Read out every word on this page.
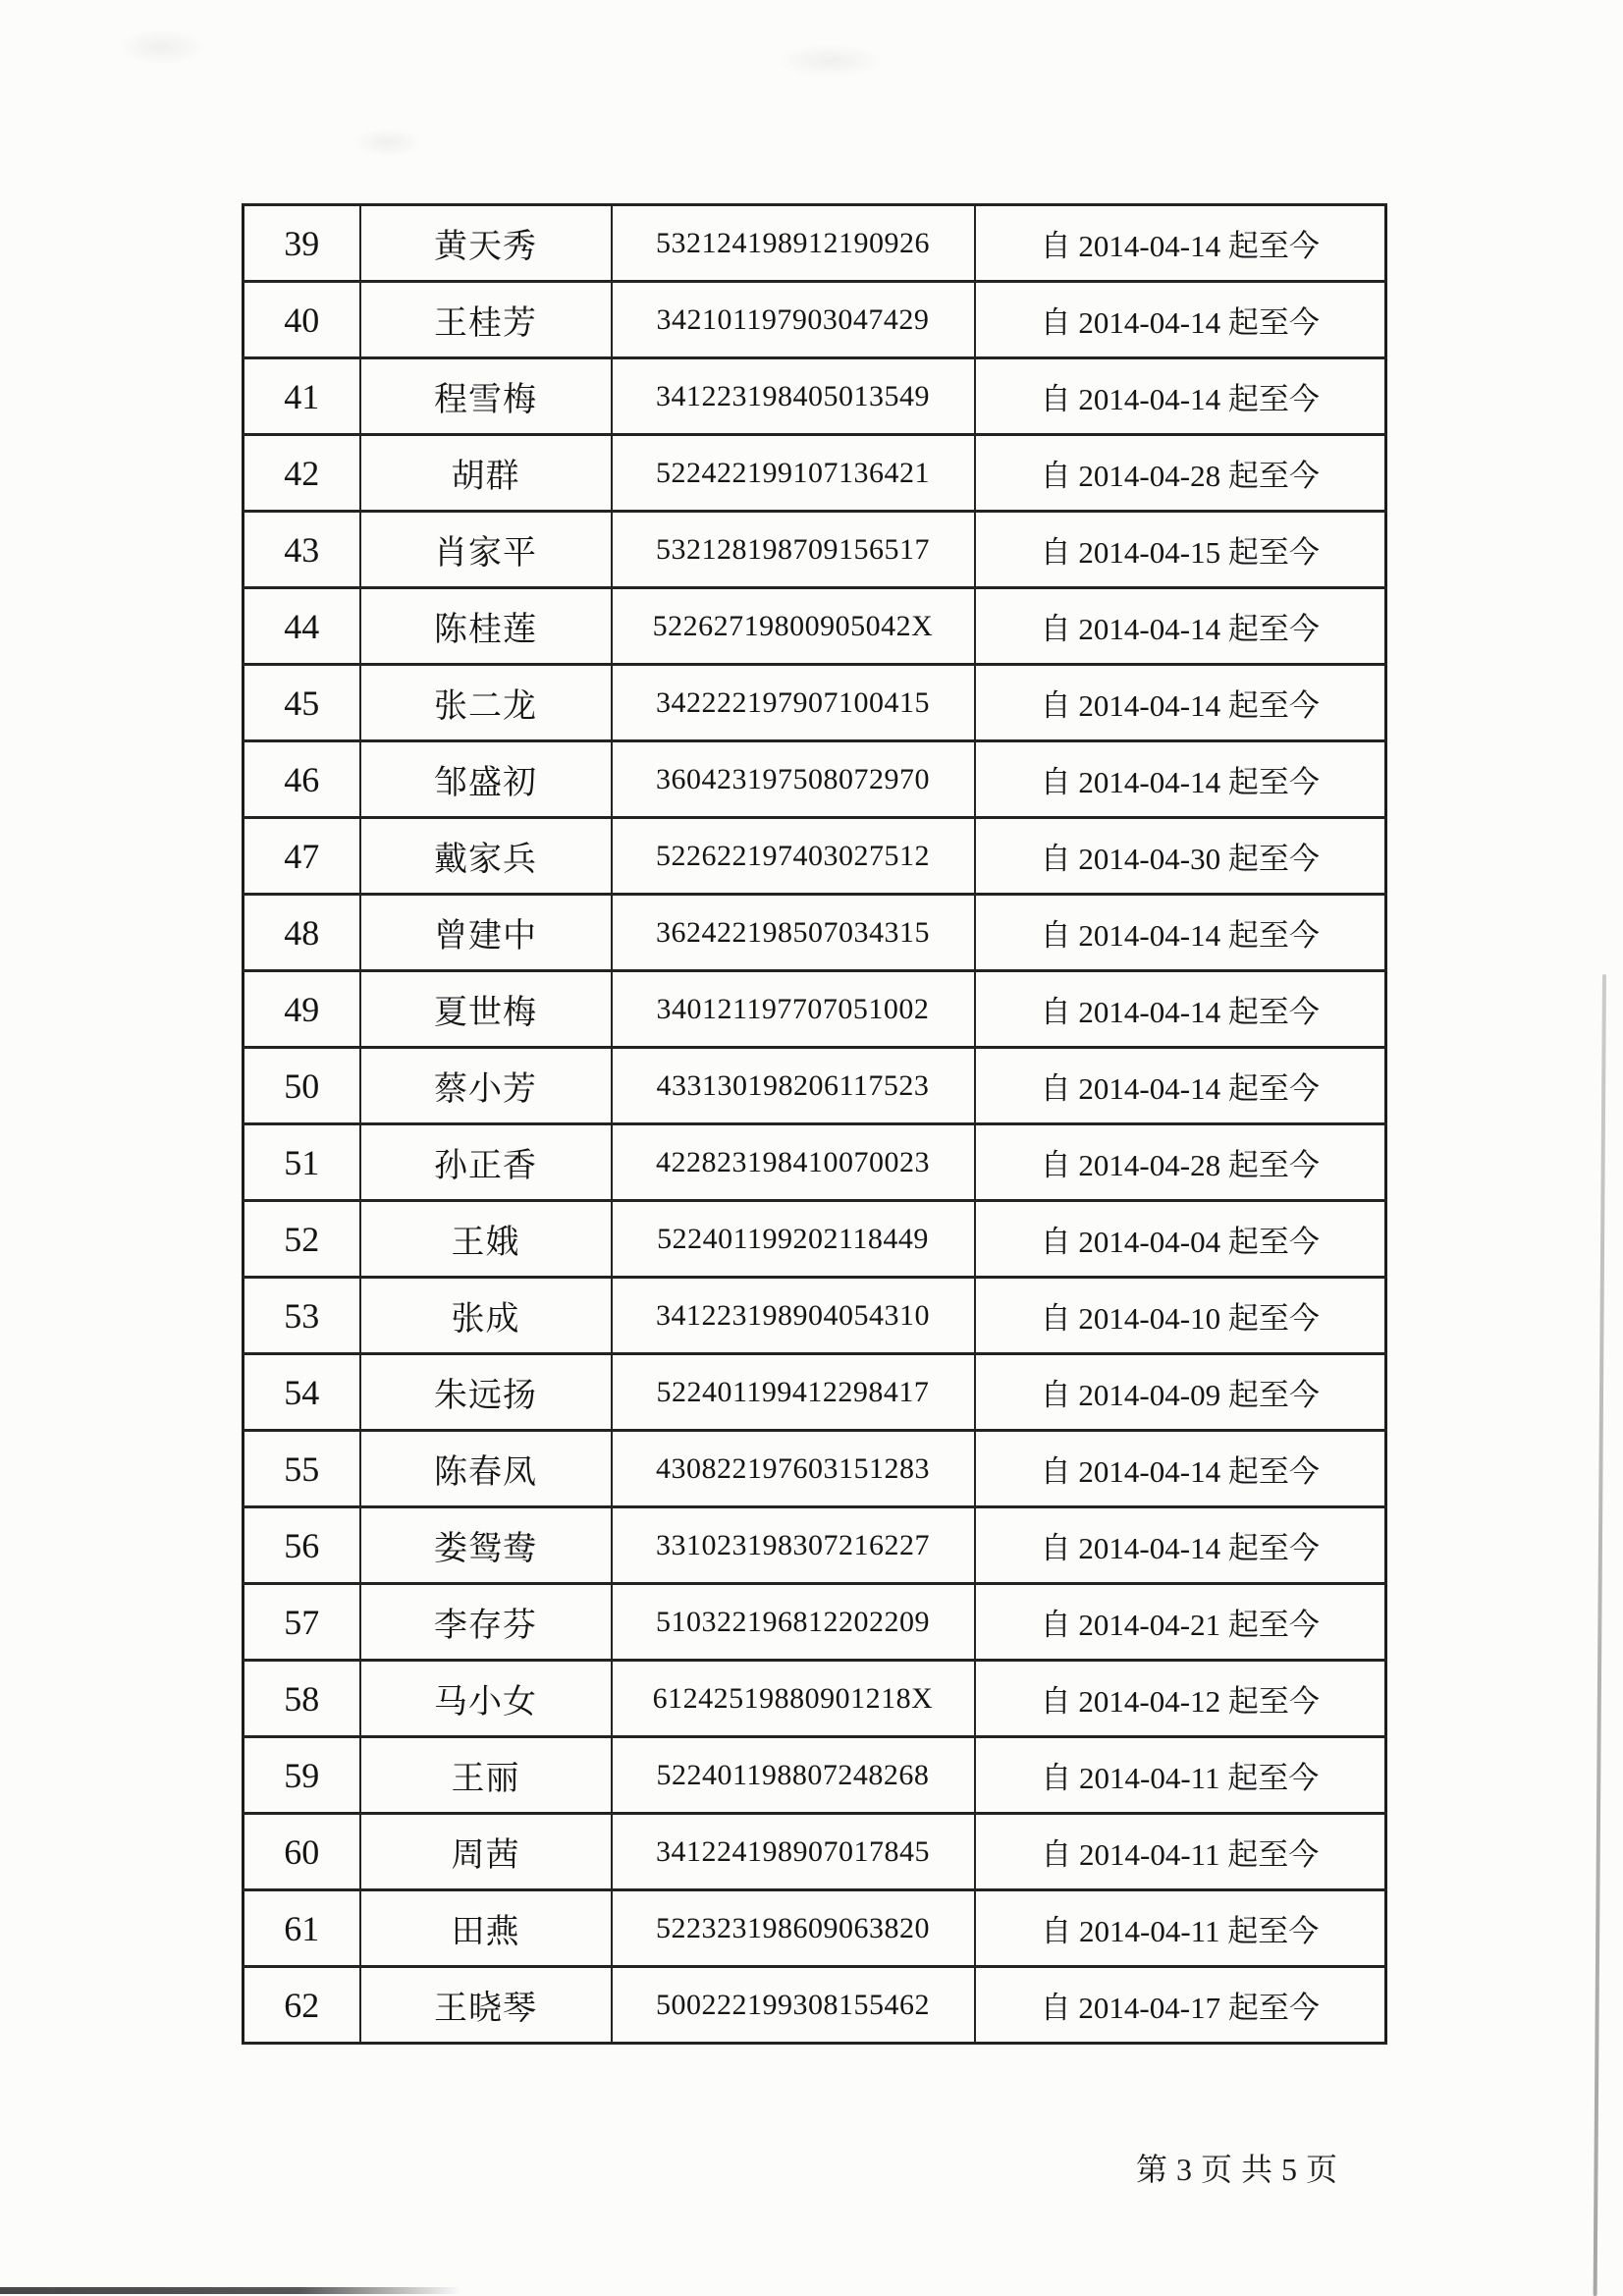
39	黄天秀	532124198912190926	自 2014-04-14 起至今
40	王桂芳	342101197903047429	自 2014-04-14 起至今
41	程雪梅	341223198405013549	自 2014-04-14 起至今
42	胡群	522422199107136421	自 2014-04-28 起至今
43	肖家平	532128198709156517	自 2014-04-15 起至今
44	陈桂莲	52262719800905042X	自 2014-04-14 起至今
45	张二龙	342222197907100415	自 2014-04-14 起至今
46	邹盛初	360423197508072970	自 2014-04-14 起至今
47	戴家兵	522622197403027512	自 2014-04-30 起至今
48	曾建中	362422198507034315	自 2014-04-14 起至今
49	夏世梅	340121197707051002	自 2014-04-14 起至今
50	蔡小芳	433130198206117523	自 2014-04-14 起至今
51	孙正香	422823198410070023	自 2014-04-28 起至今
52	王娥	522401199202118449	自 2014-04-04 起至今
53	张成	341223198904054310	自 2014-04-10 起至今
54	朱远扬	522401199412298417	自 2014-04-09 起至今
55	陈春凤	430822197603151283	自 2014-04-14 起至今
56	娄鸳鸯	331023198307216227	自 2014-04-14 起至今
57	李存芬	510322196812202209	自 2014-04-21 起至今
58	马小女	61242519880901218X	自 2014-04-12 起至今
59	王丽	522401198807248268	自 2014-04-11 起至今
60	周茜	341224198907017845	自 2014-04-11 起至今
61	田燕	522323198609063820	自 2014-04-11 起至今
62	王晓琴	500222199308155462	自 2014-04-17 起至今
第 3 页 共 5 页
